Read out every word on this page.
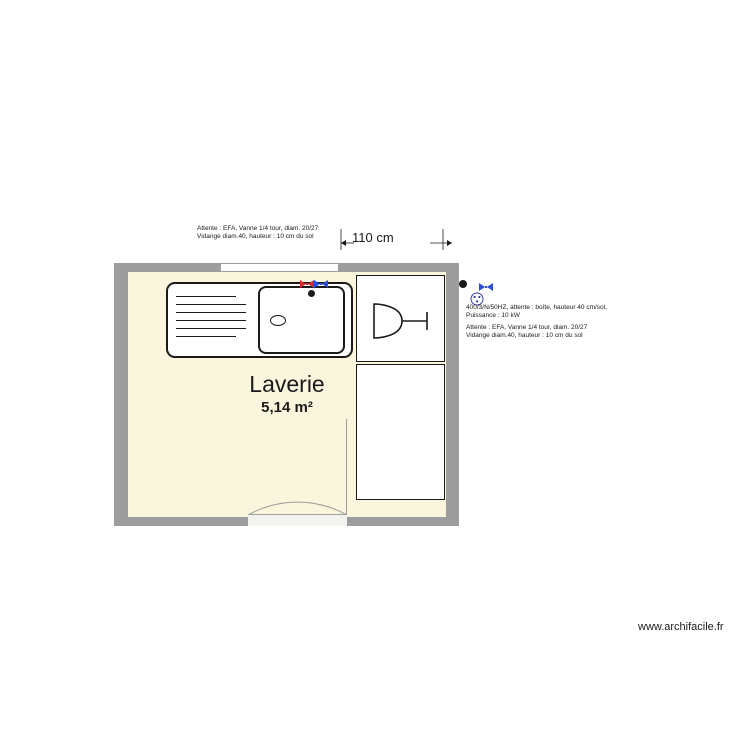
Laverie
5,14 m²
Attente : EFA, Vanne 1/4 tour, diam. 20/27
Vidange diam.40, hauteur : 10 cm du sol	110 cm
400/3/N/50HZ, attente : boîte, hauteur 40 cm/sol,
Puissance : 10 kW
Attente : EFA, Vanne 1/4 tour, diam. 20/27
Vidange diam.40, hauteur : 10 cm du sol
www.archifacile.fr
